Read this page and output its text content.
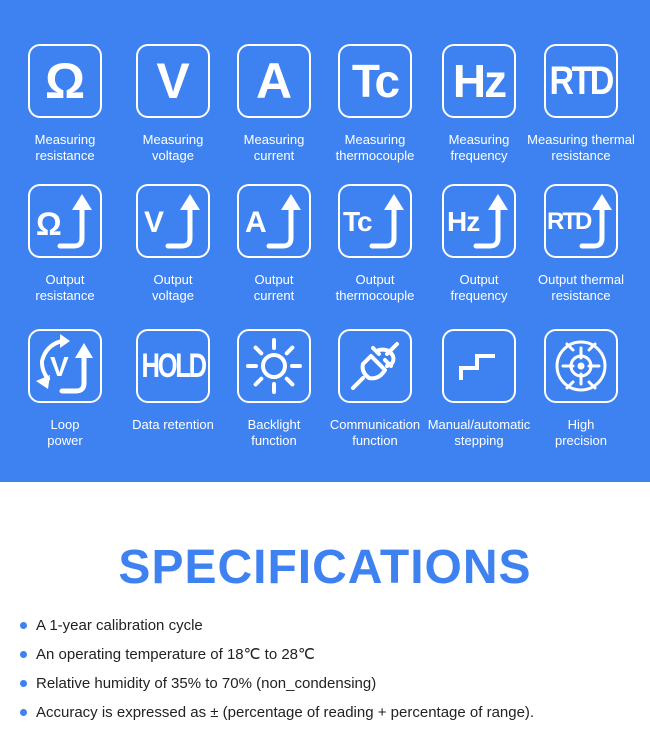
Ω
Measuring
resistance
V
Measuring
voltage
A
Measuring
current
Tc
Measuring
thermocouple
Hz
Measuring
frequency
RTD
Measuring thermal
resistance
Ω
Output
resistance
V
Output
voltage
A
Output
current
Tc
Output
thermocouple
Hz
Output
frequency
RTD
Output thermal
resistance
V
Loop
power
HOLD
Data retention	Backlight
function
Communication
function
Manual/automatic
stepping
High
precision
SPECIFICATIONS
A 1-year calibration cycle
An operating temperature of 18℃ to 28℃
Relative humidity of 35% to 70% (non_condensing)
Accuracy is expressed as ± (percentage of reading + percentage of range).
